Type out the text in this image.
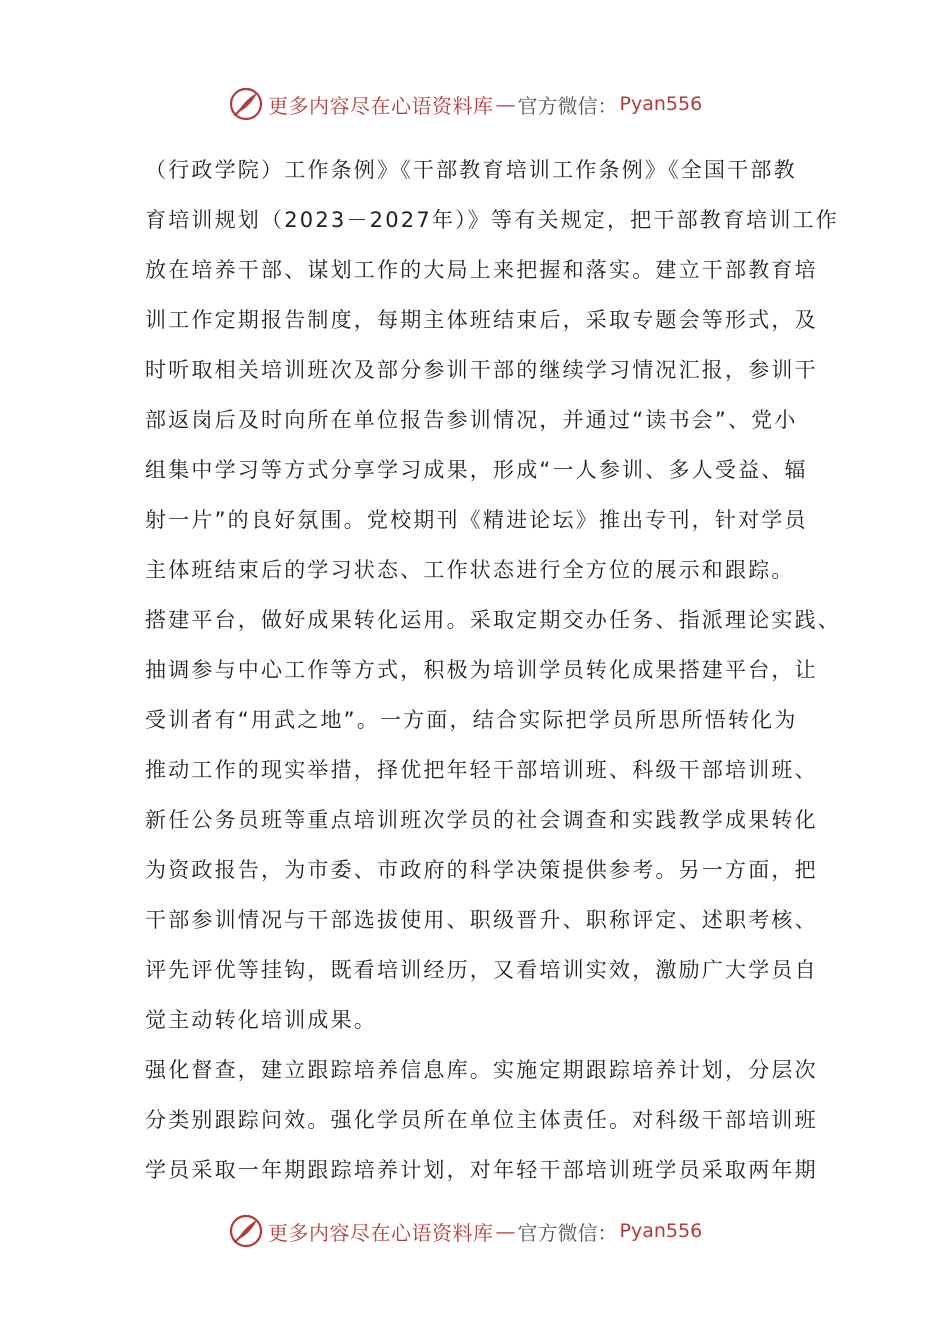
更多内容尽在心语资料库 — 官方微信： Pyan556
（行政学院）工作条例》《干部教育培训工作条例》《全国干部教
育培训规划（2023－2027年）》等有关规定，把干部教育培训工作
放在培养干部、谋划工作的大局上来把握和落实。建立干部教育培
训工作定期报告制度，每期主体班结束后，采取专题会等形式，及
时听取相关培训班次及部分参训干部的继续学习情况汇报，参训干
部返岗后及时向所在单位报告参训情况，并通过“读书会”、党小
组集中学习等方式分享学习成果，形成“一人参训、多人受益、辐
射一片”的良好氛围。党校期刊《精进论坛》推出专刊，针对学员
主体班结束后的学习状态、工作状态进行全方位的展示和跟踪。
搭建平台，做好成果转化运用。采取定期交办任务、指派理论实践、
抽调参与中心工作等方式，积极为培训学员转化成果搭建平台，让
受训者有“用武之地”。一方面，结合实际把学员所思所悟转化为
推动工作的现实举措，择优把年轻干部培训班、科级干部培训班、
新任公务员班等重点培训班次学员的社会调查和实践教学成果转化
为资政报告，为市委、市政府的科学决策提供参考。另一方面，把
干部参训情况与干部选拔使用、职级晋升、职称评定、述职考核、
评先评优等挂钩，既看培训经历，又看培训实效，激励广大学员自
觉主动转化培训成果。
强化督查，建立跟踪培养信息库。实施定期跟踪培养计划，分层次
分类别跟踪问效。强化学员所在单位主体责任。对科级干部培训班
学员采取一年期跟踪培养计划，对年轻干部培训班学员采取两年期
更多内容尽在心语资料库 — 官方微信： Pyan556
